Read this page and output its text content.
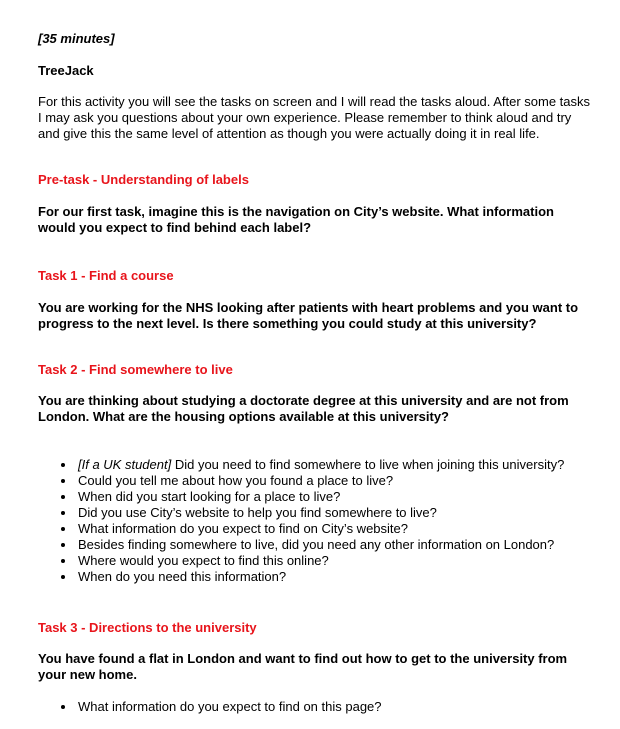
[35 minutes]

TreeJack

For this activity you will see the tasks on screen and I will read the tasks aloud. After some tasks I may ask you questions about your own experience. Please remember to think aloud and try and give this the same level of attention as though you were actually doing it in real life.

Pre-task - Understanding of labels

For our first task, imagine this is the navigation on City’s website. What information would you expect to find behind each label?

Task 1 - Find a course

You are working for the NHS looking after patients with heart problems and you want to progress to the next level. Is there something you could study at this university?

Task 2 - Find somewhere to live

You are thinking about studying a doctorate degree at this university and are not from London. What are the housing options available at this university?

[If a UK student] Did you need to find somewhere to live when joining this university?
Could you tell me about how you found a place to live?
When did you start looking for a place to live?
Did you use City’s website to help you find somewhere to live?
What information do you expect to find on City’s website?
Besides finding somewhere to live, did you need any other information on London?
Where would you expect to find this online?
When do you need this information?

Task 3 - Directions to the university

You have found a flat in London and want to find out how to get to the university from your new home.

What information do you expect to find on this page?
